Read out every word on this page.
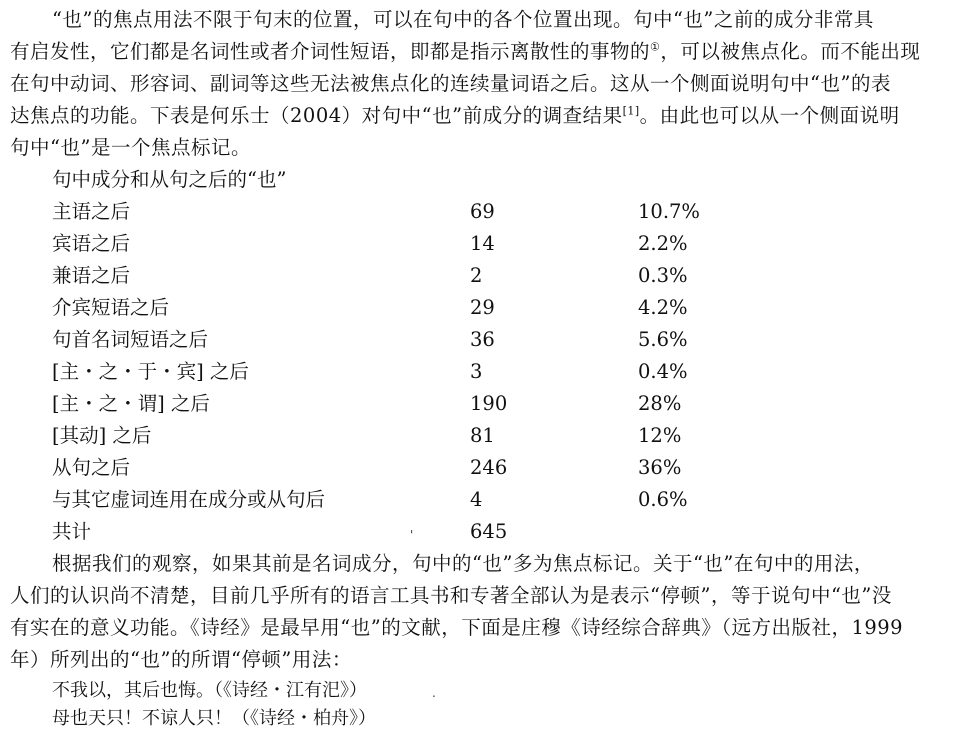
“也”的焦点用法不限于句末的位置，可以在句中的各个位置出现。句中“也”之前的成分非常具
有启发性，它们都是名词性或者介词性短语，即都是指示离散性的事物的①，可以被焦点化。而不能出现
在句中动词、形容词、副词等这些无法被焦点化的连续量词语之后。这从一个侧面说明句中“也”的表
达焦点的功能。下表是何乐士（2004）对句中“也”前成分的调查结果[1]。由此也可以从一个侧面说明
句中“也”是一个焦点标记。
句中成分和从句之后的“也”
主语之后	69	10.7%
宾语之后	14	2.2%
兼语之后	2	0.3%
介宾短语之后	29	4.2%
句首名词短语之后	36	5.6%
[主・之・于・宾] 之后	3	0.4%
[主・之・谓] 之后	190	28%
[其动] 之后	81	12%
从句之后	246	36%
与其它虚词连用在成分或从句后	4	0.6%
共计	645
'
根据我们的观察，如果其前是名词成分，句中的“也”多为焦点标记。关于“也”在句中的用法，
人们的认识尚不清楚，目前几乎所有的语言工具书和专著全部认为是表示“停顿”，等于说句中“也”没
有实在的意义功能。《诗经》是最早用“也”的文献，下面是庄穆《诗经综合辞典》（远方出版社，1999
年）所列出的“也”的所谓“停顿”用法：
不我以，其后也悔。（《诗经・江有汜》）	.
母也天只！不谅人只！（《诗经・柏舟》）
